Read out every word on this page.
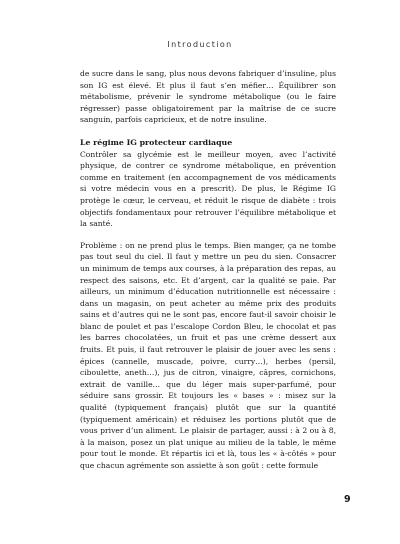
Introduction

de sucre dans le sang, plus nous devons fabriquer d’insuline, plus son IG est élevé. Et plus il faut s’en méfier… Équilibrer son métabolisme, prévenir le syndrome métabolique (ou le faire régresser) passe obligatoirement par la maîtrise de ce sucre sanguin, parfois capricieux, et de notre insuline.

Le régime IG protecteur cardiaque

Contrôler sa glycémie est le meilleur moyen, avec l’activité physique, de contrer ce syndrome métabolique, en prévention comme en traitement (en accompagnement de vos médicaments si votre médecin vous en a prescrit). De plus, le Régime IG protège le cœur, le cerveau, et réduit le risque de diabète : trois objectifs fondamentaux pour retrouver l’équilibre métabolique et la santé.

Problème : on ne prend plus le temps. Bien manger, ça ne tombe pas tout seul du ciel. Il faut y mettre un peu du sien. Consacrer un minimum de temps aux courses, à la préparation des repas, au respect des saisons, etc. Et d’argent, car la qualité se paie. Par ailleurs, un minimum d’éducation nutritionnelle est nécessaire : dans un magasin, on peut acheter au même prix des produits sains et d’autres qui ne le sont pas, encore faut-il savoir choisir le blanc de poulet et pas l’escalope Cordon Bleu, le chocolat et pas les barres chocolatées, un fruit et pas une crème dessert aux fruits. Et puis, il faut retrouver le plaisir de jouer avec les sens : épices (cannelle, muscade, poivre, curry…), herbes (persil, ciboulette, aneth…), jus de citron, vinaigre, câpres, cornichons, extrait de vanille… que du léger mais super-parfumé, pour séduire sans grossir. Et toujours les « bases » : misez sur la qualité (typiquement français) plutôt que sur la quantité (typiquement américain) et réduisez les portions plutôt que de vous priver d’un aliment. Le plaisir de partager, aussi : à 2 ou à 8, à la maison, posez un plat unique au milieu de la table, le même pour tout le monde. Et répartis ici et là, tous les « à-côtés » pour que chacun agrémente son assiette à son goût : cette formule

9
